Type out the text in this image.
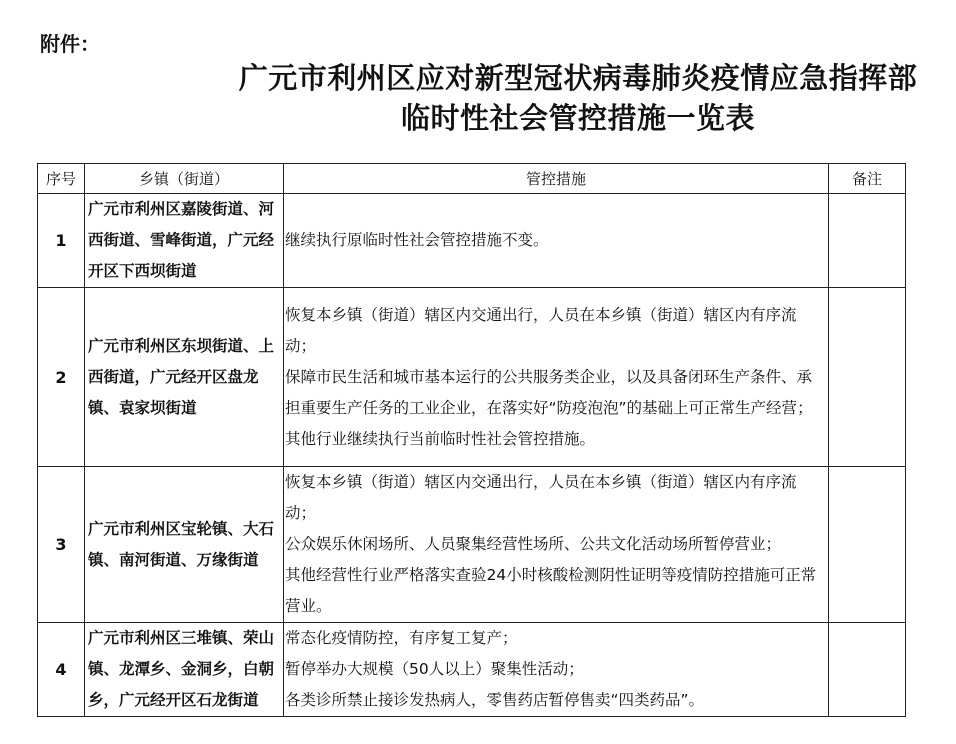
附件：
广元市利州区应对新型冠状病毒肺炎疫情应急指挥部
临时性社会管控措施一览表
序号	乡镇（街道）	管控措施	备注
1	广元市利州区嘉陵街道、河西街道、雪峰街道，广元经开区下西坝街道	继续执行原临时性社会管控措施不变。	

2	广元市利州区东坝街道、上西街道，广元经开区盘龙镇、袁家坝街道	恢复本乡镇（街道）辖区内交通出行，人员在本乡镇（街道）辖区内有序流动；
保障市民生活和城市基本运行的公共服务类企业，以及具备闭环生产条件、承担重要生产任务的工业企业，在落实好“防疫泡泡”的基础上可正常生产经营；
其他行业继续执行当前临时性社会管控措施。	

3	广元市利州区宝轮镇、大石镇、南河街道、万缘街道	恢复本乡镇（街道）辖区内交通出行，人员在本乡镇（街道）辖区内有序流动；
公众娱乐休闲场所、人员聚集经营性场所、公共文化活动场所暂停营业；
其他经营性行业严格落实查验24小时核酸检测阴性证明等疫情防控措施可正常营业。	

4	广元市利州区三堆镇、荣山镇、龙潭乡、金洞乡，白朝乡，广元经开区石龙街道	常态化疫情防控，有序复工复产；
暂停举办大规模（50人以上）聚集性活动；
各类诊所禁止接诊发热病人，零售药店暂停售卖“四类药品”。	
